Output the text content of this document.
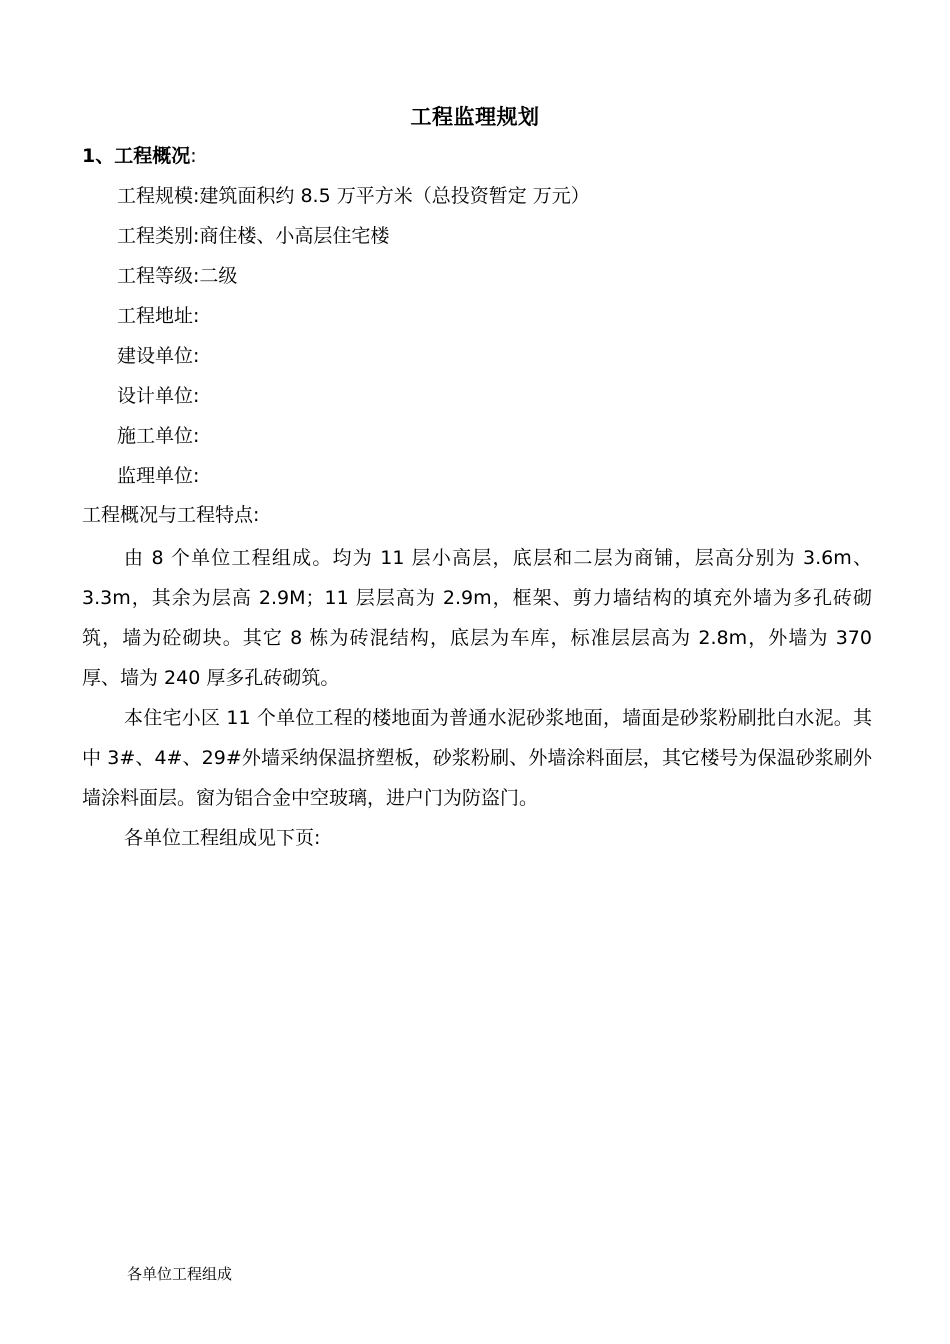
工程监理规划
1、工程概况:
工程规模:建筑面积约 8.5 万平方米（总投资暂定 万元）
工程类别:商住楼、小高层住宅楼
工程等级:二级
工程地址:
建设单位:
设计单位:
施工单位:
监理单位:
工程概况与工程特点:

由 8 个单位工程组成。均为 11 层小高层，底层和二层为商铺，层高分别为 3.6m、3.3m，其余为层高 2.9M；11 层层高为 2.9m，框架、剪力墙结构的填充外墙为多孔砖砌筑，墙为砼砌块。其它 8 栋为砖混结构，底层为车库，标准层层高为 2.8m，外墙为 370 厚、墙为 240 厚多孔砖砌筑。

本住宅小区 11 个单位工程的楼地面为普通水泥砂浆地面，墙面是砂浆粉刷批白水泥。其中 3#、4#、29#外墙采纳保温挤塑板，砂浆粉刷、外墙涂料面层，其它楼号为保温砂浆刷外墙涂料面层。窗为铝合金中空玻璃，进户门为防盗门。

各单位工程组成见下页:

各单位工程组成
